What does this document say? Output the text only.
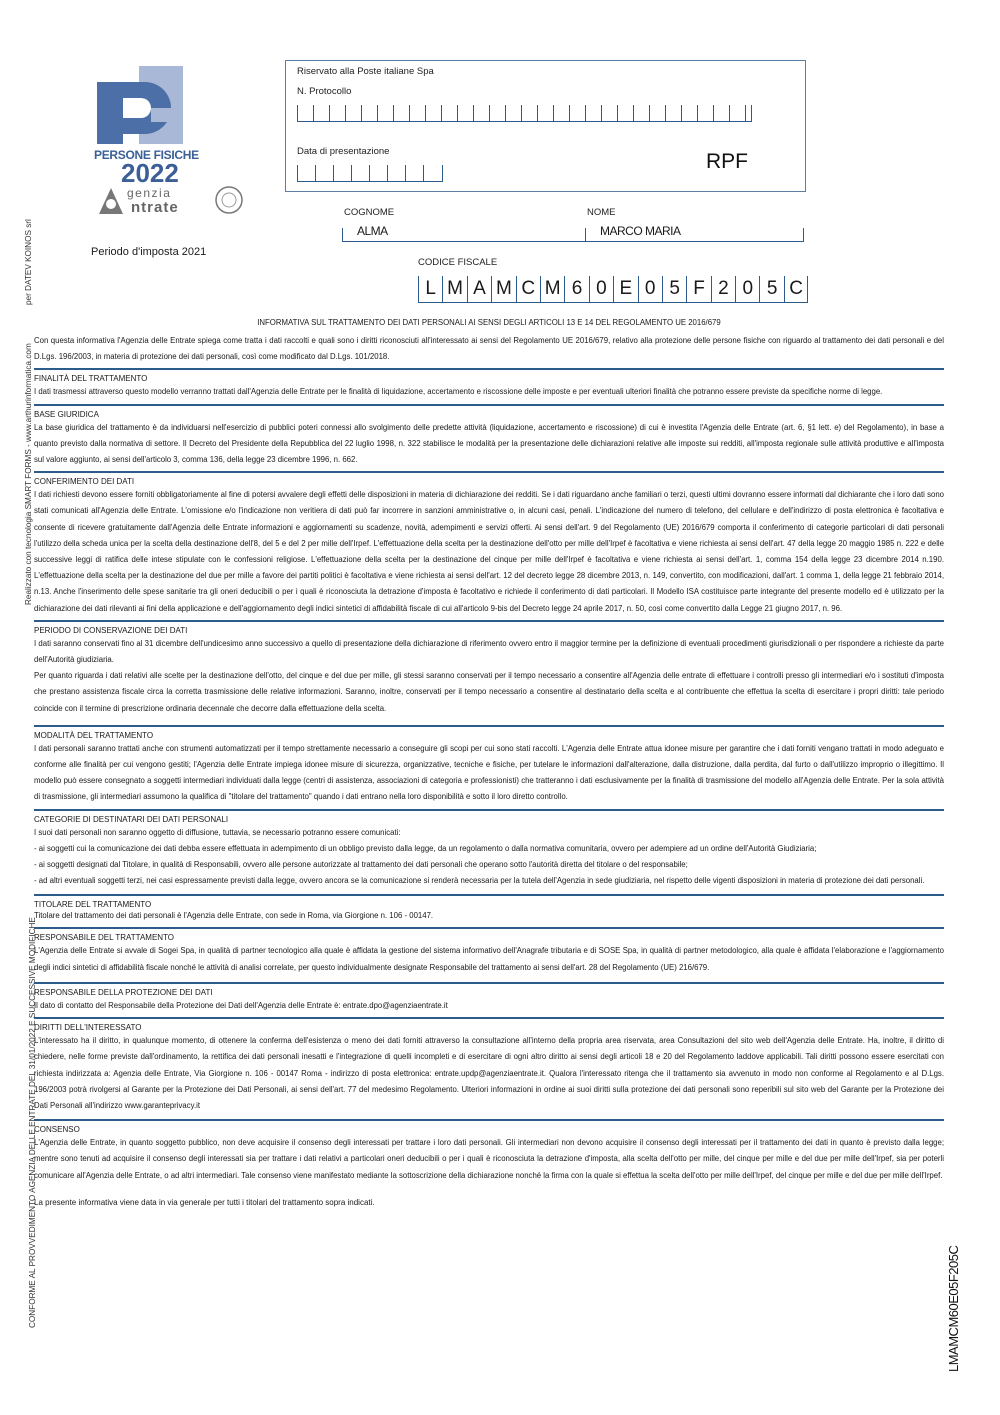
per DATEV KOINOS srl
Realizzato con tecnologia SMART FORMS - www.arthurinformatica.com
CONFORME AL PROVVEDIMENTO AGENZIA DELLE ENTRATE DEL 31/01/2022 E SUCCESSIVE MODIFICHE	LMAMCM60E05F205C
PERSONE FISICHE
2022
genzia
ntrate
Riservato alla Poste italiane Spa
N. Protocollo
Data di presentazione	RPF
Periodo d'imposta 2021
COGNOME	NOME
ALMA	MARCO MARIA
CODICE FISCALE
L M A M C M 6 0 E 0 5 F 2 0 5 C
INFORMATIVA SUL TRATTAMENTO DEI DATI PERSONALI AI SENSI DEGLI ARTICOLI 13 E 14 DEL REGOLAMENTO UE 2016/679

Con questa informativa l'Agenzia delle Entrate spiega come tratta i dati raccolti e quali sono i diritti riconosciuti all'interessato ai sensi del Regolamento UE 2016/679, relativo alla protezione delle persone fisiche con riguardo al trattamento dei dati personali e del D.Lgs. 196/2003, in materia di protezione dei dati personali, così come modificato dal D.Lgs. 101/2018.

FINALITÀ DEL TRATTAMENTO

I dati trasmessi attraverso questo modello verranno trattati dall'Agenzia delle Entrate per le finalità di liquidazione, accertamento e riscossione delle imposte e per eventuali ulteriori finalità che potranno essere previste da specifiche norme di legge.

BASE GIURIDICA

La base giuridica del trattamento è da individuarsi nell'esercizio di pubblici poteri connessi allo svolgimento delle predette attività (liquidazione, accertamento e riscossione) di cui è investita l'Agenzia delle Entrate (art. 6, §1 lett. e) del Regolamento), in base a quanto previsto dalla normativa di settore. Il Decreto del Presidente della Repubblica del 22 luglio 1998, n. 322 stabilisce le modalità per la presentazione delle dichiarazioni relative alle imposte sui redditi, all'imposta regionale sulle attività produttive e all'imposta sul valore aggiunto, ai sensi dell'articolo 3, comma 136, della legge 23 dicembre 1996, n. 662.

CONFERIMENTO DEI DATI

I dati richiesti devono essere forniti obbligatoriamente al fine di potersi avvalere degli effetti delle disposizioni in materia di dichiarazione dei redditi. Se i dati riguardano anche familiari o terzi, questi ultimi dovranno essere informati dal dichiarante che i loro dati sono stati comunicati all'Agenzia delle Entrate. L'omissione e/o l'indicazione non veritiera di dati può far incorrere in sanzioni amministrative o, in alcuni casi, penali. L'indicazione del numero di telefono, del cellulare e dell'indirizzo di posta elettronica è facoltativa e consente di ricevere gratuitamente dall'Agenzia delle Entrate informazioni e aggiornamenti su scadenze, novità, adempimenti e servizi offerti. Ai sensi dell'art. 9 del Regolamento (UE) 2016/679 comporta il conferimento di categorie particolari di dati personali l'utilizzo della scheda unica per la scelta della destinazione dell'8, del 5 e del 2 per mille dell'Irpef. L'effettuazione della scelta per la destinazione dell'otto per mille dell'Irpef è facoltativa e viene richiesta ai sensi dell'art. 47 della legge 20 maggio 1985 n. 222 e delle successive leggi di ratifica delle intese stipulate con le confessioni religiose. L'effettuazione della scelta per la destinazione del cinque per mille dell'Irpef è facoltativa e viene richiesta ai sensi dell'art. 1, comma 154 della legge 23 dicembre 2014 n.190. L'effettuazione della scelta per la destinazione del due per mille a favore dei partiti politici è facoltativa e viene richiesta ai sensi dell'art. 12 del decreto legge 28 dicembre 2013, n. 149, convertito, con modificazioni, dall'art. 1 comma 1, della legge 21 febbraio 2014, n.13. Anche l'inserimento delle spese sanitarie tra gli oneri deducibili o per i quali è riconosciuta la detrazione d'imposta è facoltativo e richiede il conferimento di dati particolari. Il Modello ISA costituisce parte integrante del presente modello ed è utilizzato per la dichiarazione dei dati rilevanti ai fini della applicazione e dell'aggiornamento degli indici sintetici di affidabilità fiscale di cui all'articolo 9-bis del Decreto legge 24 aprile 2017, n. 50, così come convertito dalla Legge 21 giugno 2017, n. 96.

PERIODO DI CONSERVAZIONE DEI DATI

I dati saranno conservati fino al 31 dicembre dell'undicesimo anno successivo a quello di presentazione della dichiarazione di riferimento ovvero entro il maggior termine per la definizione di eventuali procedimenti giurisdizionali o per rispondere a richieste da parte dell'Autorità giudiziaria.

Per quanto riguarda i dati relativi alle scelte per la destinazione dell'otto, del cinque e del due per mille, gli stessi saranno conservati per il tempo necessario a consentire all'Agenzia delle entrate di effettuare i controlli presso gli intermediari e/o i sostituti d'imposta che prestano assistenza fiscale circa la corretta trasmissione delle relative informazioni. Saranno, inoltre, conservati per il tempo necessario a consentire al destinatario della scelta e al contribuente che effettua la scelta di esercitare i propri diritti: tale periodo coincide con il termine di prescrizione ordinaria decennale che decorre dalla effettuazione della scelta.

MODALITÀ DEL TRATTAMENTO

I dati personali saranno trattati anche con strumenti automatizzati per il tempo strettamente necessario a conseguire gli scopi per cui sono stati raccolti. L'Agenzia delle Entrate attua idonee misure per garantire che i dati forniti vengano trattati in modo adeguato e conforme alle finalità per cui vengono gestiti; l'Agenzia delle Entrate impiega idonee misure di sicurezza, organizzative, tecniche e fisiche, per tutelare le informazioni dall'alterazione, dalla distruzione, dalla perdita, dal furto o dall'utilizzo improprio o illegittimo. Il modello può essere consegnato a soggetti intermediari individuati dalla legge (centri di assistenza, associazioni di categoria e professionisti) che tratteranno i dati esclusivamente per la finalità di trasmissione del modello all'Agenzia delle Entrate. Per la sola attività di trasmissione, gli intermediari assumono la qualifica di "titolare del trattamento" quando i dati entrano nella loro disponibilità e sotto il loro diretto controllo.

CATEGORIE DI DESTINATARI DEI DATI PERSONALI

I suoi dati personali non saranno oggetto di diffusione, tuttavia, se necessario potranno essere comunicati:

- ai soggetti cui la comunicazione dei dati debba essere effettuata in adempimento di un obbligo previsto dalla legge, da un regolamento o dalla normativa comunitaria, ovvero per adempiere ad un ordine dell'Autorità Giudiziaria;

- ai soggetti designati dal Titolare, in qualità di Responsabili, ovvero alle persone autorizzate al trattamento dei dati personali che operano sotto l'autorità diretta del titolare o del responsabile;

- ad altri eventuali soggetti terzi, nei casi espressamente previsti dalla legge, ovvero ancora se la comunicazione si renderà necessaria per la tutela dell'Agenzia in sede giudiziaria, nel rispetto delle vigenti disposizioni in materia di protezione dei dati personali.

TITOLARE DEL TRATTAMENTO

Titolare del trattamento dei dati personali è l'Agenzia delle Entrate, con sede in Roma, via Giorgione n. 106 - 00147.

RESPONSABILE DEL TRATTAMENTO

L'Agenzia delle Entrate si avvale di Sogei Spa, in qualità di partner tecnologico alla quale è affidata la gestione del sistema informativo dell'Anagrafe tributaria e di SOSE Spa, in qualità di partner metodologico, alla quale è affidata l'elaborazione e l'aggiornamento degli indici sintetici di affidabilità fiscale nonché le attività di analisi correlate, per questo individualmente designate Responsabile del trattamento ai sensi dell'art. 28 del Regolamento (UE) 216/679.

RESPONSABILE DELLA PROTEZIONE DEI DATI

Il dato di contatto del Responsabile della Protezione dei Dati dell'Agenzia delle Entrate è: entrate.dpo@agenziaentrate.it

DIRITTI DELL'INTERESSATO

L'interessato ha il diritto, in qualunque momento, di ottenere la conferma dell'esistenza o meno dei dati forniti attraverso la consultazione all'interno della propria area riservata, area Consultazioni del sito web dell'Agenzia delle Entrate. Ha, inoltre, il diritto di chiedere, nelle forme previste dall'ordinamento, la rettifica dei dati personali inesatti e l'integrazione di quelli incompleti e di esercitare di ogni altro diritto ai sensi degli articoli 18 e 20 del Regolamento laddove applicabili. Tali diritti possono essere esercitati con richiesta indirizzata a: Agenzia delle Entrate, Via Giorgione n. 106 - 00147 Roma - indirizzo di posta elettronica: entrate.updp@agenziaentrate.it. Qualora l'interessato ritenga che il trattamento sia avvenuto in modo non conforme al Regolamento e al D.Lgs. 196/2003 potrà rivolgersi al Garante per la Protezione dei Dati Personali, ai sensi dell'art. 77 del medesimo Regolamento. Ulteriori informazioni in ordine ai suoi diritti sulla protezione dei dati personali sono reperibili sul sito web del Garante per la Protezione dei Dati Personali all'indirizzo www.garanteprivacy.it

CONSENSO

L'Agenzia delle Entrate, in quanto soggetto pubblico, non deve acquisire il consenso degli interessati per trattare i loro dati personali. Gli intermediari non devono acquisire il consenso degli interessati per il trattamento dei dati in quanto è previsto dalla legge; mentre sono tenuti ad acquisire il consenso degli interessati sia per trattare i dati relativi a particolari oneri deducibili o per i quali è riconosciuta la detrazione d'imposta, alla scelta dell'otto per mille, del cinque per mille e del due per mille dell'Irpef, sia per poterli comunicare all'Agenzia delle Entrate, o ad altri intermediari. Tale consenso viene manifestato mediante la sottoscrizione della dichiarazione nonché la firma con la quale si effettua la scelta dell'otto per mille dell'Irpef, del cinque per mille e del due per mille dell'Irpef.

La presente informativa viene data in via generale per tutti i titolari del trattamento sopra indicati.
